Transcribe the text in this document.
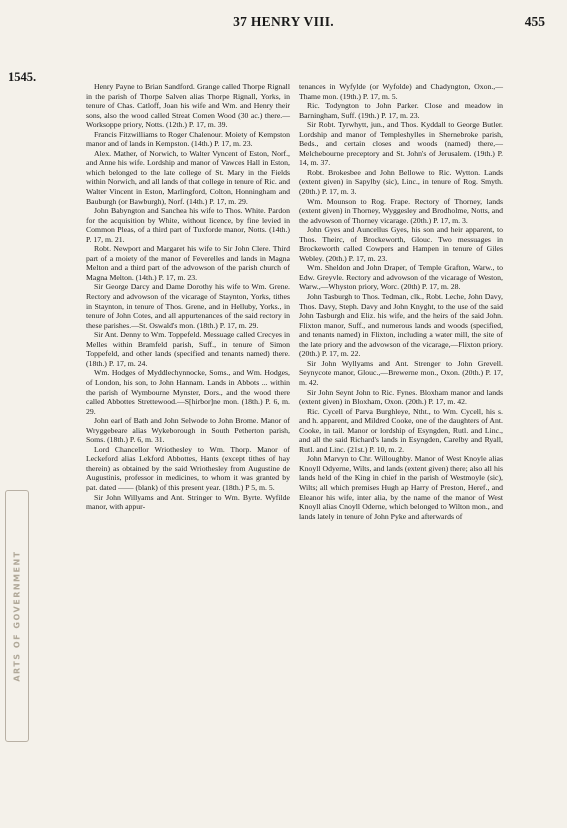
37 HENRY VIII.	455
1545.
ARTS OF GOVERNMENT

Henry Payne to Brian Sandford. Grange called Thorpe Rignall in the parish of Thorpe Salven alias Thorpe Rignall, Yorks, in tenure of Chas. Catloff, Joan his wife and Wm. and Henry their sons, also the wood called Streat Comen Wood (30 ac.) there.—Worksoppe priory, Notts. (12th.) P. 17, m. 39.

Francis Fitzwilliams to Roger Chalenour. Moiety of Kempston manor and of lands in Kempston. (14th.) P. 17, m. 23.

Alex. Mather, of Norwich, to Walter Vyncent of Eston, Norf., and Anne his wife. Lordship and manor of Vawces Hall in Eston, which belonged to the late college of St. Mary in the Fields within Norwich, and all lands of that college in tenure of Ric. and Walter Vincent in Eston, Marlingford, Colton, Honningham and Bauburgh (or Bawburgh), Norf. (14th.) P. 17, m. 29.

John Babyngton and Sanchea his wife to Thos. White. Pardon for the acquisition by White, without licence, by fine levied in Common Pleas, of a third part of Tuxforde manor, Notts. (14th.) P. 17, m. 21.

Robt. Newport and Margaret his wife to Sir John Clere. Third part of a moiety of the manor of Feverelles and lands in Magna Melton and a third part of the advowson of the parish church of Magna Melton. (14th.) P. 17, m. 23.

Sir George Darcy and Dame Dorothy his wife to Wm. Grene. Rectory and advowson of the vicarage of Staynton, Yorks, tithes in Staynton, in tenure of Thos. Grene, and in Helluby, Yorks., in tenure of John Cotes, and all appurtenances of the said rectory in these parishes.—St. Oswald's mon. (18th.) P. 17, m. 29.

Sir Ant. Denny to Wm. Toppefeld. Messuage called Crecyes in Melles within Bramfeld parish, Suff., in tenure of Simon Toppefeld, and other lands (specified and tenants named) there. (18th.) P. 17, m. 24.

Wm. Hodges of Myddlechynnocke, Soms., and Wm. Hodges, of London, his son, to John Hannam. Lands in Abbots ... within the parish of Wymbourne Mynster, Dors., and the wood there called Abbottes Strettewood.—S[hirbor]ne mon. (18th.) P. 6, m. 29.

John earl of Bath and John Selwode to John Brome. Manor of Wryggebeare alias Wykeborough in South Petherton parish, Soms. (18th.) P. 6, m. 31.

Lord Chancellor Wriothesley to Wm. Thorp. Manor of Leckeford alias Lekford Abbottes, Hants (except tithes of hay therein) as obtained by the said Wriothesley from Augustine de Augustinis, professor in medicines, to whom it was granted by pat. dated —— (blank) of this present year. (18th.) P 5, m. 5.

Sir John Willyams and Ant. Stringer to Wm. Byrte. Wyfilde manor, with appur-

tenances in Wyfylde (or Wyfolde) and Chadyngton, Oxon.,—Thame mon. (19th.) P. 17, m. 5.

Ric. Todyngton to John Parker. Close and meadow in Barningham, Suff. (19th.) P. 17, m. 23.

Sir Robt. Tyrwhytt, jun., and Thos. Kyddall to George Butler. Lordship and manor of Templeshylles in Shernebroke parish, Beds., and certain closes and woods (named) there,—Melchebourne preceptory and St. John's of Jerusalem. (19th.) P. 14, m. 37.

Robt. Brokesbee and John Bellowe to Ric. Wytton. Lands (extent given) in Sapylby (sic), Linc., in tenure of Rog. Smyth. (20th.) P. 17, m. 3.

Wm. Mounson to Rog. Frape. Rectory of Thorney, lands (extent given) in Thorney, Wyggesley and Brodholme, Notts, and the advowson of Thorney vicarage. (20th.) P. 17, m. 3.

John Gyes and Auncellus Gyes, his son and heir apparent, to Thos. Theirc, of Brockeworth, Glouc. Two messuages in Brockeworth called Cowpers and Hampen in tenure of Giles Webley. (20th.) P. 17, m. 23.

Wm. Sheldon and John Draper, of Temple Grafton, Warw., to Edw. Greyvle. Rectory and advowson of the vicarage of Weston, Warw.,—Whyston priory, Worc. (20th) P. 17, m. 28.

John Tasburgh to Thos. Tedman, clk., Robt. Leche, John Davy, Thos. Davy, Steph. Davy and John Knyght, to the use of the said John Tasburgh and Eliz. his wife, and the heirs of the said John. Flixton manor, Suff., and numerous lands and woods (specified, and tenants named) in Flixton, including a water mill, the site of the late priory and the advowson of the vicarage,—Flixton priory. (20th.) P. 17, m. 22.

Sir John Wyllyams and Ant. Strenger to John Grevell. Seynycote manor, Glouc.,—Brewerne mon., Oxon. (20th.) P. 17, m. 42.

Sir John Seynt John to Ric. Fynes. Bloxham manor and lands (extent given) in Bloxham, Oxon. (20th.) P. 17, m. 42.

Ric. Cycell of Parva Burghleye, Ntht., to Wm. Cycell, his s. and h. apparent, and Mildred Cooke, one of the daughters of Ant. Cooke, in tail. Manor or lordship of Esyngden, Rutl. and Linc., and all the said Richard's lands in Esyngden, Carelby and Ryall, Rutl. and Linc. (21st.) P. 10, m. 2.

John Marvyn to Chr. Willoughby. Manor of West Knoyle alias Knoyll Odyerne, Wilts, and lands (extent given) there; also all his lands held of the King in chief in the parish of Westmoyle (sic), Wilts; all which premises Hugh ap Harry of Preston, Heref., and Eleanor his wife, inter alia, by the name of the manor of West Knoyll alias Cnoyll Oderne, which belonged to Wilton mon., and lands lately in tenure of John Pyke and afterwards of
